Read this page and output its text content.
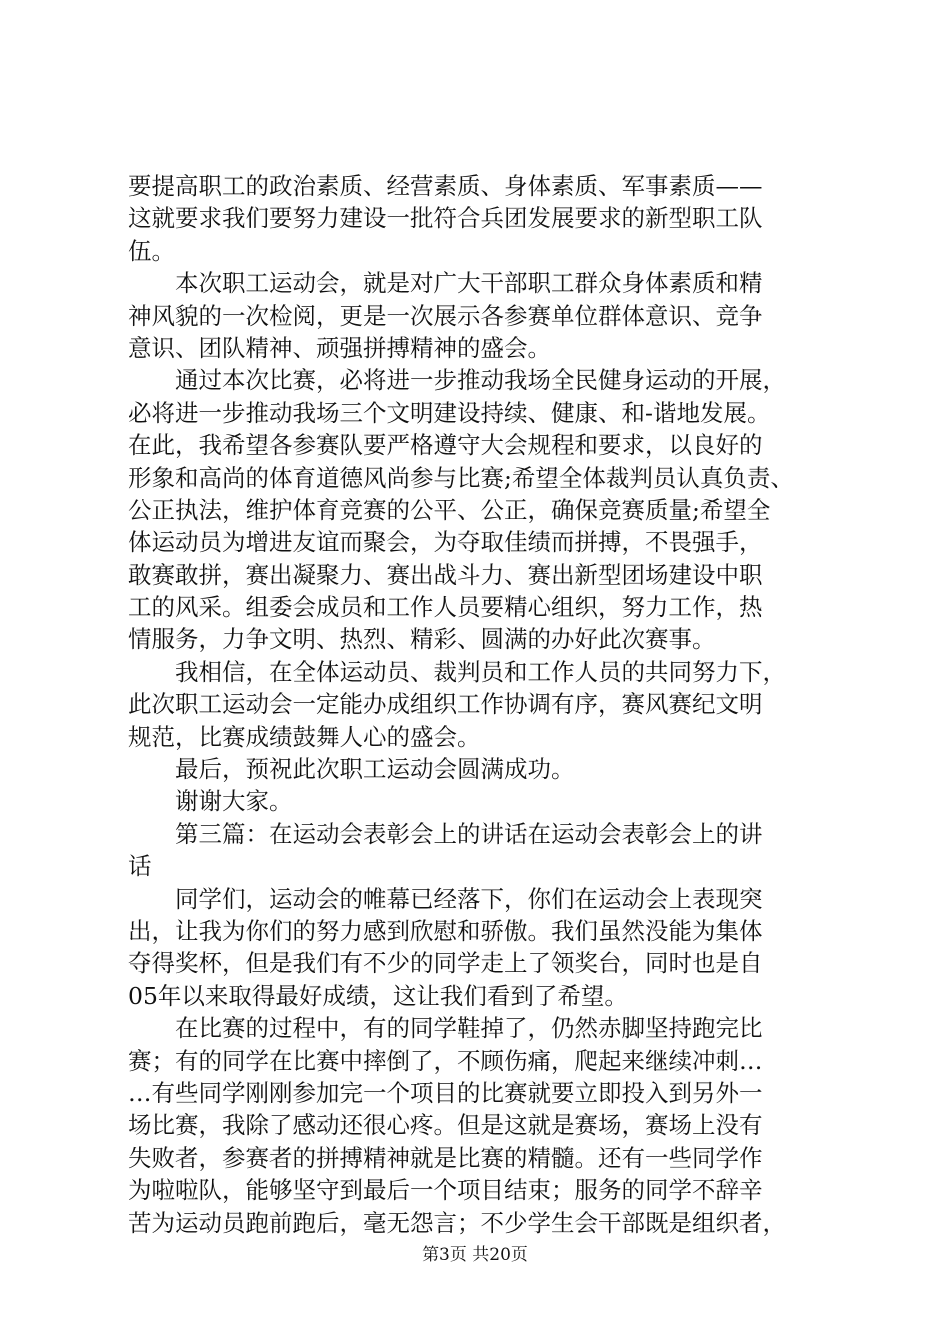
要提高职工的政治素质、经营素质、身体素质、军事素质——
这就要求我们要努力建设一批符合兵团发展要求的新型职工队
伍。
　　本次职工运动会，就是对广大干部职工群众身体素质和精
神风貌的一次检阅，更是一次展示各参赛单位群体意识、竞争
意识、团队精神、顽强拼搏精神的盛会。
　　通过本次比赛，必将进一步推动我场全民健身运动的开展，
必将进一步推动我场三个文明建设持续、健康、和-谐地发展。
在此，我希望各参赛队要严格遵守大会规程和要求，以良好的
形象和高尚的体育道德风尚参与比赛;希望全体裁判员认真负责、
公正执法，维护体育竞赛的公平、公正，确保竞赛质量;希望全
体运动员为增进友谊而聚会，为夺取佳绩而拼搏，不畏强手，
敢赛敢拼，赛出凝聚力、赛出战斗力、赛出新型团场建设中职
工的风采。组委会成员和工作人员要精心组织，努力工作，热
情服务，力争文明、热烈、精彩、圆满的办好此次赛事。
　　我相信，在全体运动员、裁判员和工作人员的共同努力下，
此次职工运动会一定能办成组织工作协调有序，赛风赛纪文明
规范，比赛成绩鼓舞人心的盛会。
　　最后，预祝此次职工运动会圆满成功。
　　谢谢大家。
　　第三篇：在运动会表彰会上的讲话在运动会表彰会上的讲
话
　　同学们，运动会的帷幕已经落下，你们在运动会上表现突
出，让我为你们的努力感到欣慰和骄傲。我们虽然没能为集体
夺得奖杯，但是我们有不少的同学走上了领奖台，同时也是自
05年以来取得最好成绩，这让我们看到了希望。
　　在比赛的过程中，有的同学鞋掉了，仍然赤脚坚持跑完比
赛；有的同学在比赛中摔倒了，不顾伤痛，爬起来继续冲刺…
…有些同学刚刚参加完一个项目的比赛就要立即投入到另外一
场比赛，我除了感动还很心疼。但是这就是赛场，赛场上没有
失败者，参赛者的拼搏精神就是比赛的精髓。还有一些同学作
为啦啦队，能够坚守到最后一个项目结束；服务的同学不辞辛
苦为运动员跑前跑后，毫无怨言；不少学生会干部既是组织者，
第3页 共20页
